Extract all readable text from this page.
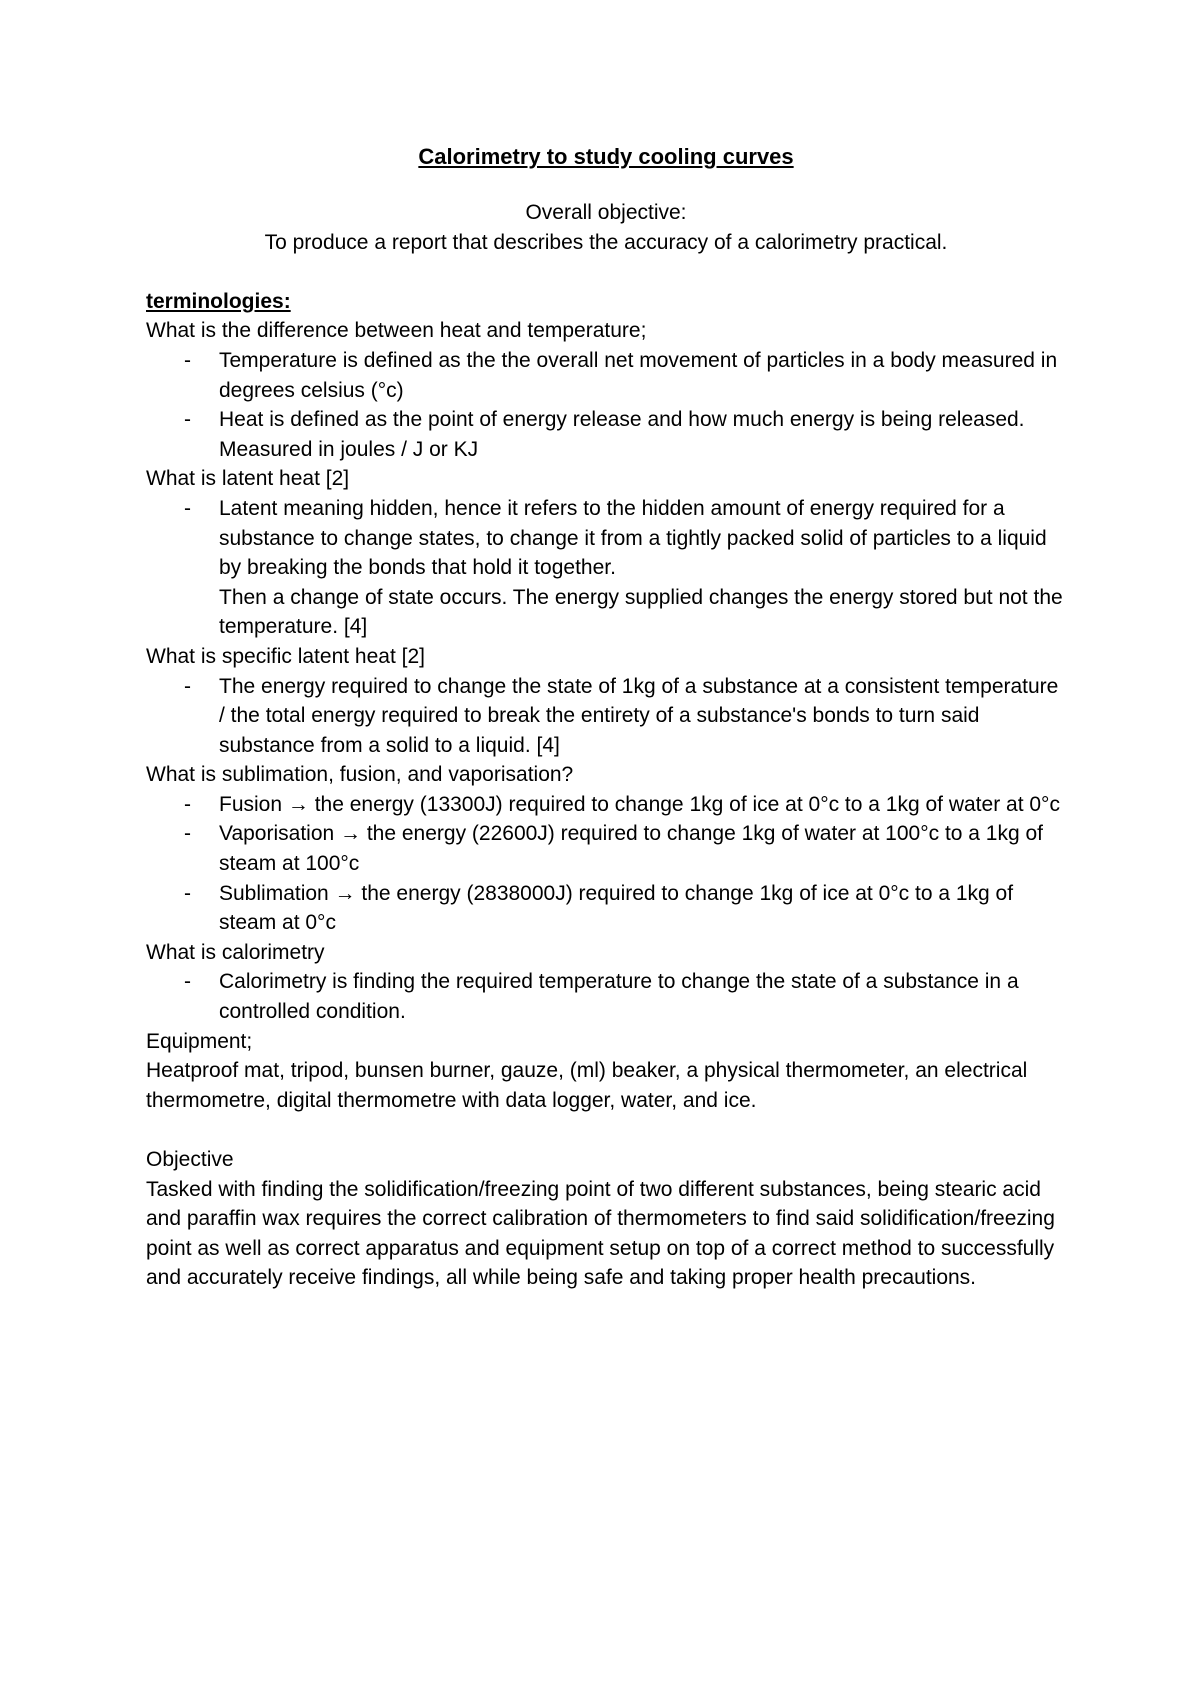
Calorimetry to study cooling curves

Overall objective:

To produce a report that describes the accuracy of a calorimetry practical.

terminologies:

What is the difference between heat and temperature;

- Temperature is defined as the the overall net movement of particles in a body measured in degrees celsius (°c)
- Heat is defined as the point of energy release and how much energy is being released. Measured in joules / J or KJ

What is latent heat [2]

- Latent meaning hidden, hence it refers to the hidden amount of energy required for a substance to change states, to change it from a tightly packed solid of particles to a liquid by breaking the bonds that hold it together.
Then a change of state occurs. The energy supplied changes the energy stored but not the temperature. [4]

What is specific latent heat [2]

- The energy required to change the state of 1kg of a substance at a consistent temperature / the total energy required to break the entirety of a substance's bonds to turn said substance from a solid to a liquid. [4]

What is sublimation, fusion, and vaporisation?

- Fusion → the energy (13300J) required to change 1kg of ice at 0°c to a 1kg of water at 0°c
- Vaporisation → the energy (22600J) required to change 1kg of water at 100°c to a 1kg of steam at 100°c
- Sublimation → the energy (2838000J) required to change 1kg of ice at 0°c to a 1kg of steam at 0°c

What is calorimetry

- Calorimetry is finding the required temperature to change the state of a substance in a controlled condition.

Equipment;

Heatproof mat, tripod, bunsen burner, gauze, (ml) beaker, a physical thermometer, an electrical thermometre, digital thermometre with data logger, water, and ice.

Objective

Tasked with finding the solidification/freezing point of two different substances, being stearic acid and paraffin wax requires the correct calibration of thermometers to find said solidification/freezing point as well as correct apparatus and equipment setup on top of a correct method to successfully and accurately receive findings, all while being safe and taking proper health precautions.
